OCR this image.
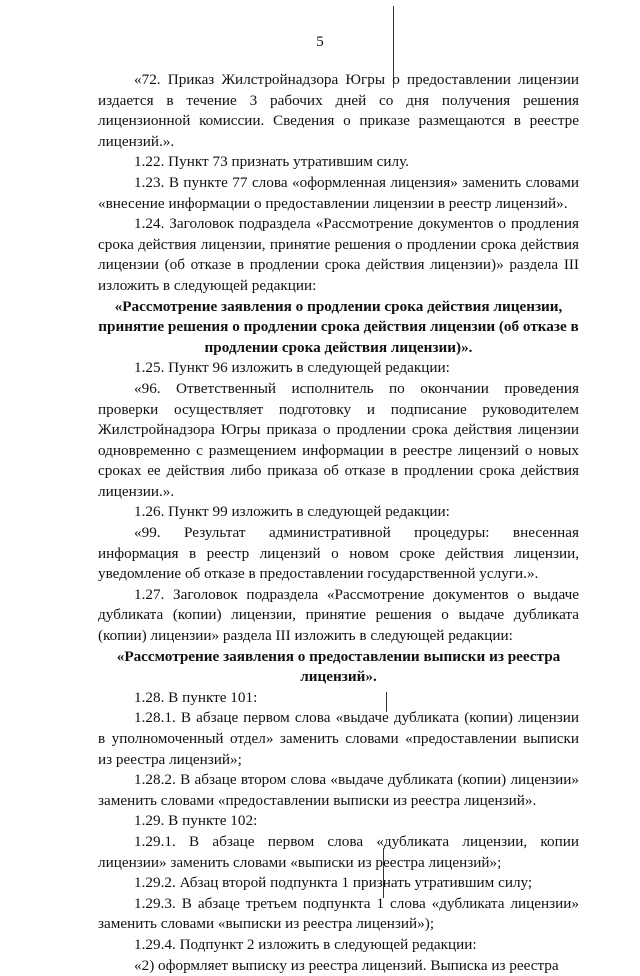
5

«72. Приказ Жилстройнадзора Югры о предоставлении лицензии издается в течение 3 рабочих дней со дня получения решения лицензионной комиссии. Сведения о приказе размещаются в реестре лицензий.».

1.22. Пункт 73 признать утратившим силу.

1.23. В пункте 77 слова «оформленная лицензия» заменить словами «внесение информации о предоставлении лицензии в реестр лицензий».

1.24. Заголовок подраздела «Рассмотрение документов о продления срока действия лицензии, принятие решения о продлении срока действия лицензии (об отказе в продлении срока действия лицензии)» раздела III изложить в следующей редакции:

«Рассмотрение заявления о продлении срока действия лицензии, принятие решения о продлении срока действия лицензии (об отказе в продлении срока действия лицензии)».

1.25. Пункт 96 изложить в следующей редакции:

«96. Ответственный исполнитель по окончании проведения проверки осуществляет подготовку и подписание руководителем Жилстройнадзора Югры приказа о продлении срока действия лицензии одновременно с размещением информации в реестре лицензий о новых сроках ее действия либо приказа об отказе в продлении срока действия лицензии.».

1.26. Пункт 99 изложить в следующей редакции:

«99. Результат административной процедуры: внесенная информация в реестр лицензий о новом сроке действия лицензии, уведомление об отказе в предоставлении государственной услуги.».

1.27. Заголовок подраздела «Рассмотрение документов о выдаче дубликата (копии) лицензии, принятие решения о выдаче дубликата (копии) лицензии» раздела III изложить в следующей редакции:

«Рассмотрение заявления о предоставлении выписки из реестра лицензий».

1.28. В пункте 101:

1.28.1. В абзаце первом слова «выдаче дубликата (копии) лицензии в уполномоченный отдел» заменить словами «предоставлении выписки из реестра лицензий»;

1.28.2. В абзаце втором слова «выдаче дубликата (копии) лицензии» заменить словами «предоставлении выписки из реестра лицензий».

1.29. В пункте 102:

1.29.1. В абзаце первом слова «дубликата лицензии, копии лицензии» заменить словами «выписки из реестра лицензий»;

1.29.2. Абзац второй подпункта 1 признать утратившим силу;

1.29.3. В абзаце третьем подпункта 1 слова «дубликата лицензии» заменить словами «выписки из реестра лицензий»);

1.29.4. Подпункт 2 изложить в следующей редакции:

«2) оформляет выписку из реестра лицензий. Выписка из реестра
